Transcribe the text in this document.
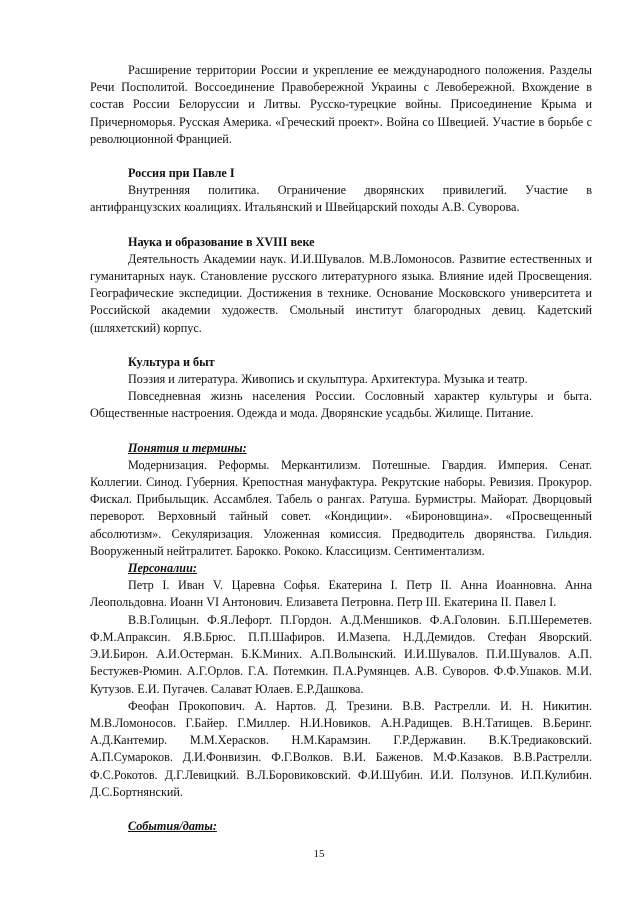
Расширение территории России и укрепление ее международного положения. Разделы Речи Посполитой. Воссоединение Правобережной Украины с Левобережной. Вхождение в состав России Белоруссии и Литвы. Русско-турецкие войны. Присоединение Крыма и Причерноморья. Русская Америка. «Греческий проект». Война со Швецией. Участие в борьбе с революционной Францией.

Россия при Павле I

Внутренняя политика. Ограничение дворянских привилегий. Участие в антифранцузских коалициях. Итальянский и Швейцарский походы А.В. Суворова.

Наука и образование в XVIII веке

Деятельность Академии наук. И.И.Шувалов. М.В.Ломоносов. Развитие естественных и гуманитарных наук. Становление русского литературного языка. Влияние идей Просвещения. Географические экспедиции. Достижения в технике. Основание Московского университета и Российской академии художеств. Смольный институт благородных девиц. Кадетский (шляхетский) корпус.

Культура и быт

Поэзия и литература. Живопись и скульптура. Архитектура. Музыка и театр.

Повседневная жизнь населения России. Сословный характер культуры и быта. Общественные настроения. Одежда и мода. Дворянские усадьбы. Жилище. Питание.

Понятия и термины:

Модернизация. Реформы. Меркантилизм. Потешные. Гвардия. Империя. Сенат. Коллегии. Синод. Губерния. Крепостная мануфактура. Рекрутские наборы. Ревизия. Прокурор. Фискал. Прибыльщик. Ассамблея. Табель о рангах. Ратуша. Бурмистры. Майорат. Дворцовый переворот. Верховный тайный совет. «Кондиции». «Бироновщина». «Просвещенный абсолютизм». Секуляризация. Уложенная комиссия. Предводитель дворянства. Гильдия. Вооруженный нейтралитет. Барокко. Рококо. Классицизм. Сентиментализм.

Персоналии:

Петр I. Иван V. Царевна Софья. Екатерина I. Петр II. Анна Иоанновна. Анна Леопольдовна. Иоанн VI Антонович. Елизавета Петровна. Петр III. Екатерина II. Павел I.

В.В.Голицын. Ф.Я.Лефорт. П.Гордон. А.Д.Меншиков. Ф.А.Головин. Б.П.Шереметев. Ф.М.Апраксин. Я.В.Брюс. П.П.Шафиров. И.Мазепа. Н.Д.Демидов. Стефан Яворский. Э.И.Бирон. А.И.Остерман. Б.К.Миних. А.П.Волынский. И.И.Шувалов. П.И.Шувалов. А.П. Бестужев-Рюмин. А.Г.Орлов. Г.А. Потемкин. П.А.Румянцев. А.В. Суворов. Ф.Ф.Ушаков. М.И. Кутузов. Е.И. Пугачев. Салават Юлаев. Е.Р.Дашкова.

Феофан Прокопович. А. Нартов. Д. Трезини. В.В. Растрелли. И. Н. Никитин. М.В.Ломоносов. Г.Байер. Г.Миллер. Н.И.Новиков. А.Н.Радищев. В.Н.Татищев. В.Беринг. А.Д.Кантемир. М.М.Херасков. Н.М.Карамзин. Г.Р.Державин. В.К.Тредиаковский. А.П.Сумароков. Д.И.Фонвизин. Ф.Г.Волков. В.И. Баженов. М.Ф.Казаков. В.В.Растрелли. Ф.С.Рокотов. Д.Г.Левицкий. В.Л.Боровиковский. Ф.И.Шубин. И.И. Ползунов. И.П.Кулибин. Д.С.Бортнянский.

События/даты:

15
